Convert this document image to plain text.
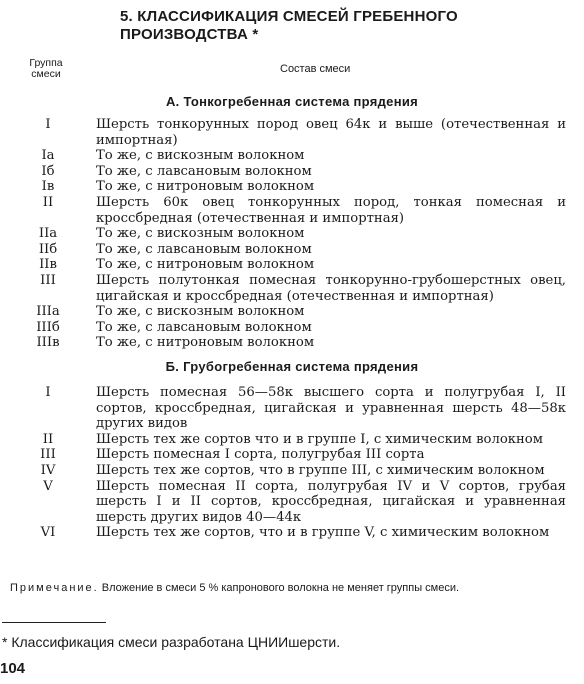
5. КЛАССИФИКАЦИЯ СМЕСЕЙ ГРЕБЕННОГО ПРОИЗВОДСТВА *
Группа смеси	Состав смеси
А. Тонкогребенная система прядения
I	Шерсть тонкорунных пород овец 64к и выше (отечественная и импортная)
Iа	То же, с вискозным волокном
Iб	То же, с лавсановым волокном
Iв	То же, с нитроновым волокном
II	Шерсть 60к овец тонкорунных пород, тонкая помесная и кроссбредная (отечественная и импортная)
IIа	То же, с вискозным волокном
IIб	То же, с лавсановым волокном
IIв	То же, с нитроновым волокном
III	Шерсть полутонкая помесная тонкорунно-грубошерстных овец, цигайская и кроссбредная (отечественная и импортная)
IIIа	То же, с вискозным волокном
IIIб	То же, с лавсановым волокном
IIIв	То же, с нитроновым волокном
Б. Грубогребенная система прядения
I	Шерсть помесная 56—58к высшего сорта и полугрубая I, II сортов, кроссбредная, цигайская и уравненная шерсть 48—58к других видов
II	Шерсть тех же сортов что и в группе I, с химическим волокном
III	Шерсть помесная I сорта, полугрубая III сорта
IV	Шерсть тех же сортов, что в группе III, с химическим волокном
V	Шерсть помесная II сорта, полугрубая IV и V сортов, грубая шерсть I и II сортов, кроссбредная, цигайская и уравненная шерсть других видов 40—44к
VI	Шерсть тех же сортов, что и в группе V, с химическим волокном
Примечание. Вложение в смеси 5 % капронового волокна не меняет группы смеси.
* Классификация смеси разработана ЦНИИшерсти.
104
